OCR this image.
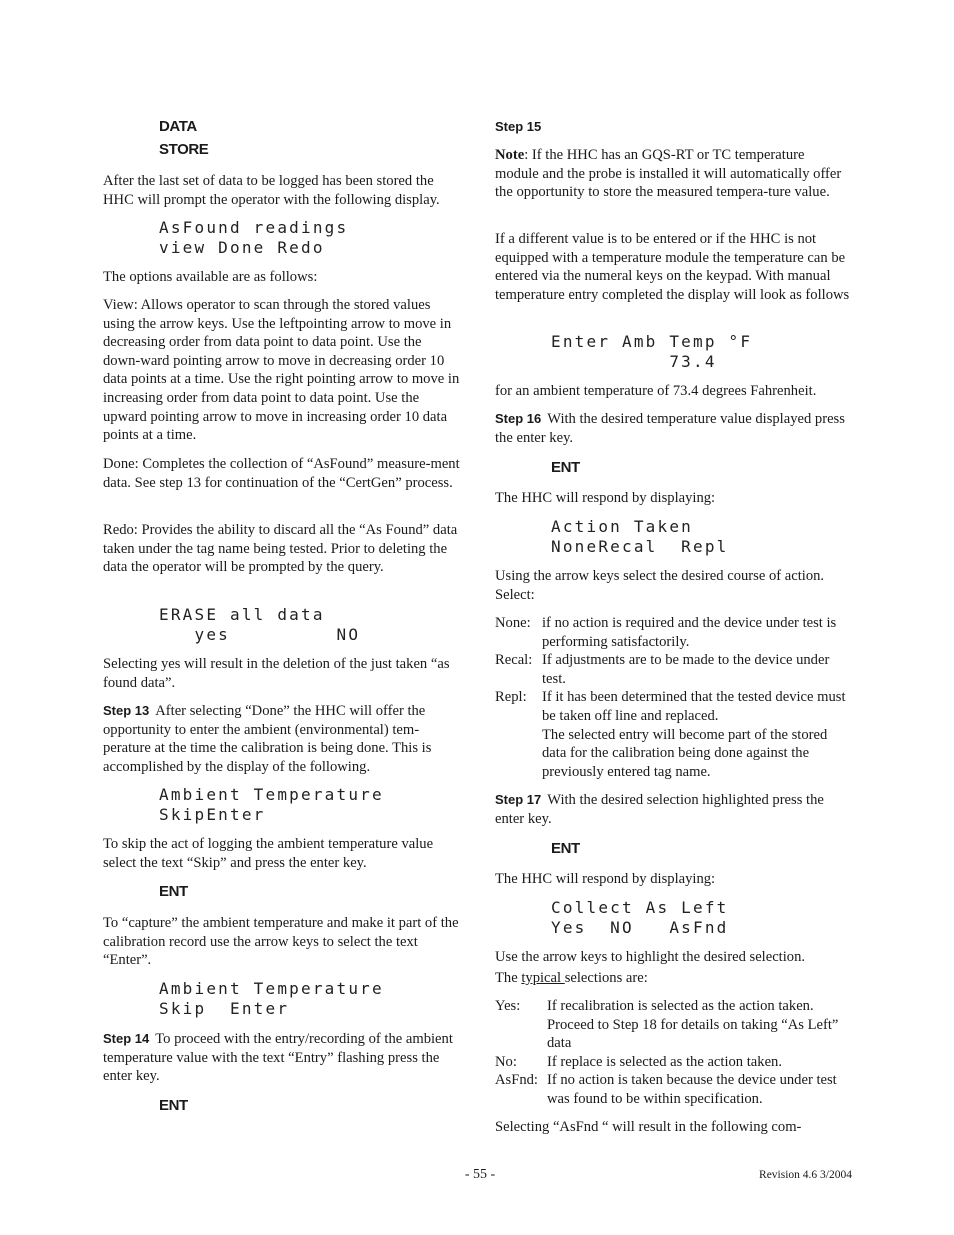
DATA
STORE

After the last set of data to be logged has been stored the HHC will prompt the operator with the following display.

AsFound readings
view Done Redo

The options available are as follows:

View: Allows operator to scan through the stored values using the arrow keys. Use the leftpointing arrow to move in decreasing order from data point to data point. Use the down-ward pointing arrow to move in decreasing order 10 data points at a time. Use the right pointing arrow to move in increasing order from data point to data point. Use the upward pointing arrow to move in increasing order 10 data points at a time.

Done: Completes the collection of “AsFound” measure-ment data. See step 13 for continuation of the “CertGen” process.

Redo: Provides the ability to discard all the “As Found” data taken under the tag name being tested. Prior to deleting the data the operator will be prompted by the query.

ERASE all data
yes         NO

Selecting yes will result in the deletion of the just taken “as found data”.

Step 13 After selecting “Done” the HHC will offer the opportunity to enter the ambient (environmental) tem-perature at the time the calibration is being done. This is accomplished by the display of the following.

Ambient Temperature
SkipEnter

To skip the act of logging the ambient temperature value select the text “Skip” and press the enter key.

ENT

To “capture” the ambient temperature and make it part of the calibration record use the arrow keys to select the text “Enter”.

Ambient Temperature
Skip  Enter

Step 14 To proceed with the entry/recording of the ambient temperature value with the text “Entry” flashing press the enter key.

ENT
Step 15

Note: If the HHC has an GQS-RT or TC temperature module and the probe is installed it will automatically offer the opportunity to store the measured tempera-ture value.

If a different value is to be entered or if the HHC is not equipped with a temperature module the temperature can be entered via the numeral keys on the keypad. With manual temperature entry completed the display will look as follows

Enter Amb Temp °F
73.4

for an ambient temperature of 73.4 degrees Fahrenheit.

Step 16 With the desired temperature value displayed press the enter key.

ENT

The HHC will respond by displaying:

Action Taken
NoneRecal  Repl

Using the arrow keys select the desired course of action. Select:

None: if no action is required and the device under test is performing satisfactorily.
Recal: If adjustments are to be made to the device under test.
Repl:	If it has been determined that the tested device must be taken off line and replaced.
The selected entry will become part of the stored data for the calibration being done against the previously entered tag name.

Step 17 With the desired selection highlighted press the enter key.

ENT

The HHC will respond by displaying:

Collect As Left
Yes  NO   AsFnd

Use the arrow keys to highlight the desired selection.

The typical selections are:

Yes:	If recalibration is selected as the action taken. Proceed to Step 18 for details on taking “As Left” data
No:	If replace is selected as the action taken.
AsFnd: If no action is taken because the device under test was found to be within specification.

Selecting “AsFnd “ will result in the following com-

- 55 -	Revision 4.6 3/2004
